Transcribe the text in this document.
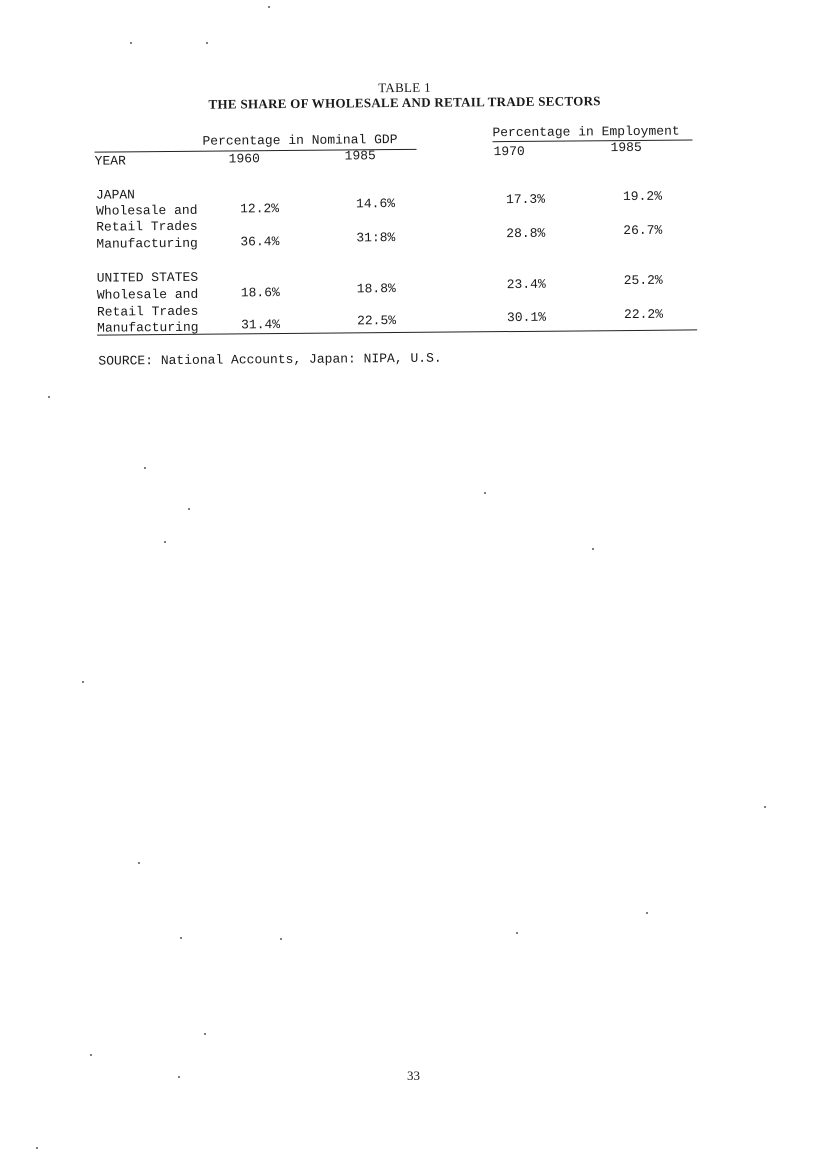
TABLE 1
THE SHARE OF WHOLESALE AND RETAIL TRADE SECTORS
Percentage in Nominal GDP
Percentage in Employment
YEAR	1960	1985	1970	1985
JAPAN
Wholesale and
Retail Trades
12.2%	14.6%	17.3%	19.2%
Manufacturing	36.4%	31:8%	28.8%	26.7%
UNITED STATES
Wholesale and
Retail Trades
18.6%	18.8%	23.4%	25.2%
Manufacturing	31.4%	22.5%	30.1%	22.2%
SOURCE: National Accounts, Japan: NIPA, U.S.
33
